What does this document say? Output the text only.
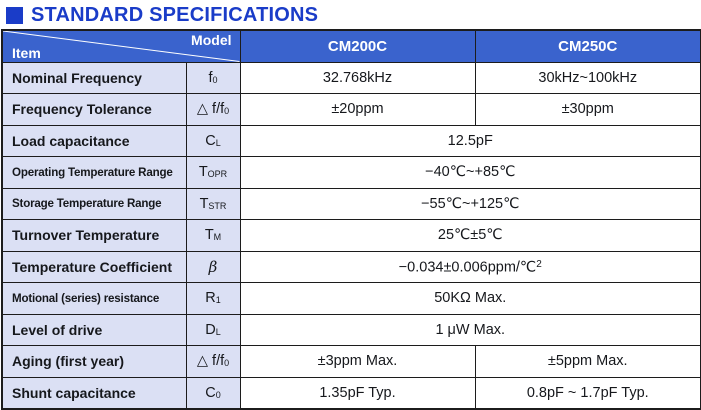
STANDARD SPECIFICATIONS
Model
Item		CM200C	CM250C
Nominal Frequency	$f_0$	32.768kHz	30kHz~100kHz
Frequency Tolerance	△ $f/f_0$	±20ppm	±30ppm
Load capacitance	$C_L$	12.5pF	
Operating Temperature Range	$T_{OPR}$	−40℃~+85℃	
Storage Temperature Range	$T_{STR}$	−55℃~+125℃	
Turnover Temperature	$T_M$	25℃±5℃	
Temperature Coefficient	β	−0.034±0.006ppm/℃$^2$
Motional (series) resistance	$R_1$	50KΩ Max.	
Level of drive	$D_L$	1 μW Max.	
Aging (first year)	△ $f/f_0$	±3ppm Max.	±5ppm Max.
Shunt capacitance	$C_0$	1.35pF Typ.	0.8pF ~ 1.7pF Typ.
